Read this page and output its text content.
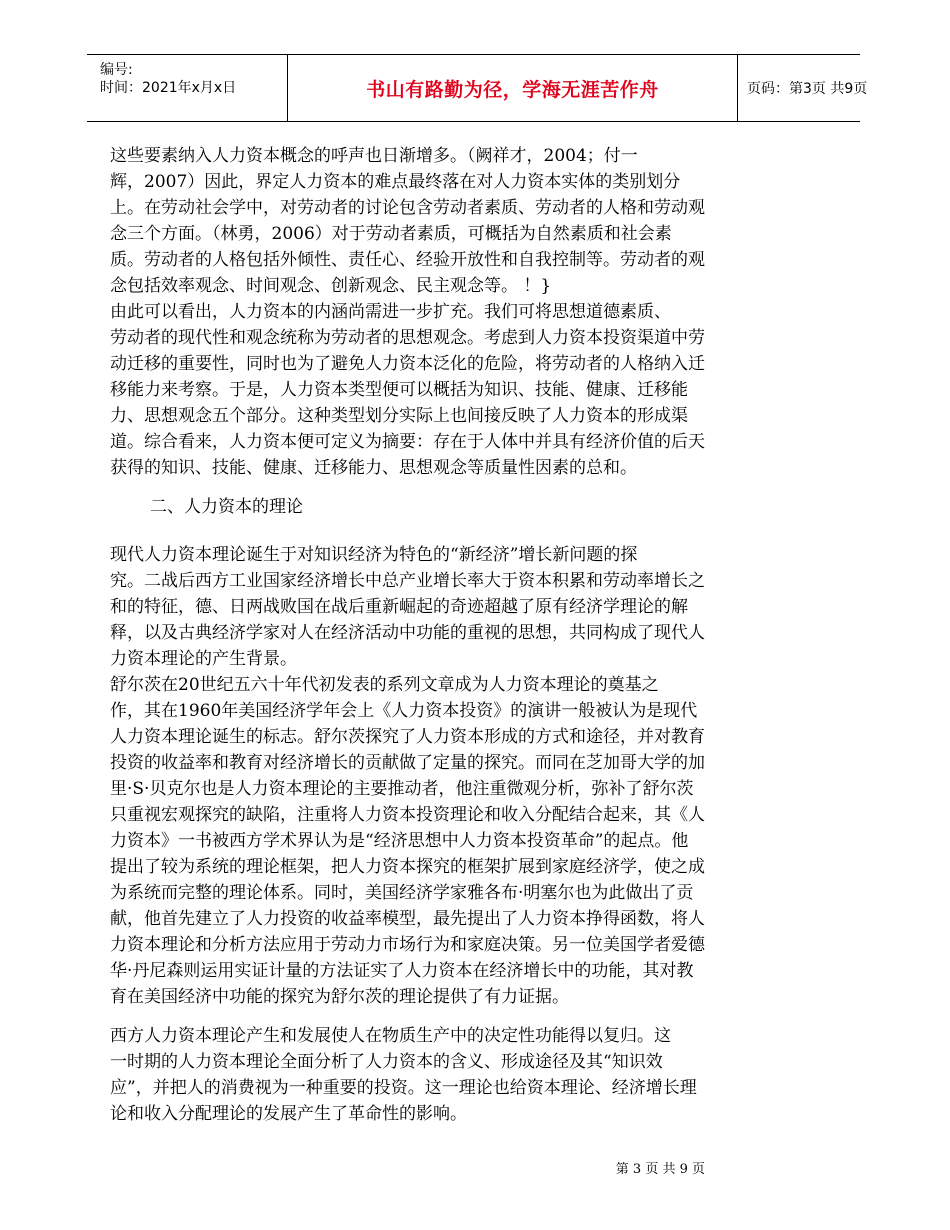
编号:
时间：2021年x月x日	书山有路勤为径，学海无涯苦作舟	页码：第3页 共9页
这些要素纳入人力资本概念的呼声也日渐增多。（阙祥才，2004；付一
辉，2007）因此，界定人力资本的难点最终落在对人力资本实体的类别划分
上。在劳动社会学中，对劳动者的讨论包含劳动者素质、劳动者的人格和劳动观
念三个方面。（林勇，2006）对于劳动者素质，可概括为自然素质和社会素
质。劳动者的人格包括外倾性、责任心、经验开放性和自我控制等。劳动者的观
念包括效率观念、时间观念、创新观念、民主观念等。 ！}
由此可以看出，人力资本的内涵尚需进一步扩充。我们可将思想道德素质、
劳动者的现代性和观念统称为劳动者的思想观念。考虑到人力资本投资渠道中劳
动迁移的重要性，同时也为了避免人力资本泛化的危险，将劳动者的人格纳入迁
移能力来考察。于是，人力资本类型便可以概括为知识、技能、健康、迁移能
力、思想观念五个部分。这种类型划分实际上也间接反映了人力资本的形成渠
道。综合看来，人力资本便可定义为摘要：存在于人体中并具有经济价值的后天
获得的知识、技能、健康、迁移能力、思想观念等质量性因素的总和。
二、人力资本的理论
现代人力资本理论诞生于对知识经济为特色的“新经济”增长新问题的探
究。二战后西方工业国家经济增长中总产业增长率大于资本积累和劳动率增长之
和的特征，德、日两战败国在战后重新崛起的奇迹超越了原有经济学理论的解
释，以及古典经济学家对人在经济活动中功能的重视的思想，共同构成了现代人
力资本理论的产生背景。
舒尔茨在20世纪五六十年代初发表的系列文章成为人力资本理论的奠基之
作，其在1960年美国经济学年会上《人力资本投资》的演讲一般被认为是现代
人力资本理论诞生的标志。舒尔茨探究了人力资本形成的方式和途径，并对教育
投资的收益率和教育对经济增长的贡献做了定量的探究。而同在芝加哥大学的加
里·S·贝克尔也是人力资本理论的主要推动者，他注重微观分析，弥补了舒尔茨
只重视宏观探究的缺陷，注重将人力资本投资理论和收入分配结合起来，其《人
力资本》一书被西方学术界认为是“经济思想中人力资本投资革命”的起点。他
提出了较为系统的理论框架，把人力资本探究的框架扩展到家庭经济学，使之成
为系统而完整的理论体系。同时，美国经济学家雅各布·明塞尔也为此做出了贡
献，他首先建立了人力投资的收益率模型，最先提出了人力资本挣得函数，将人
力资本理论和分析方法应用于劳动力市场行为和家庭决策。另一位美国学者爱德
华·丹尼森则运用实证计量的方法证实了人力资本在经济增长中的功能，其对教
育在美国经济中功能的探究为舒尔茨的理论提供了有力证据。
西方人力资本理论产生和发展使人在物质生产中的决定性功能得以复归。这
一时期的人力资本理论全面分析了人力资本的含义、形成途径及其“知识效
应”，并把人的消费视为一种重要的投资。这一理论也给资本理论、经济增长理
论和收入分配理论的发展产生了革命性的影响。
第 3 页 共 9 页
